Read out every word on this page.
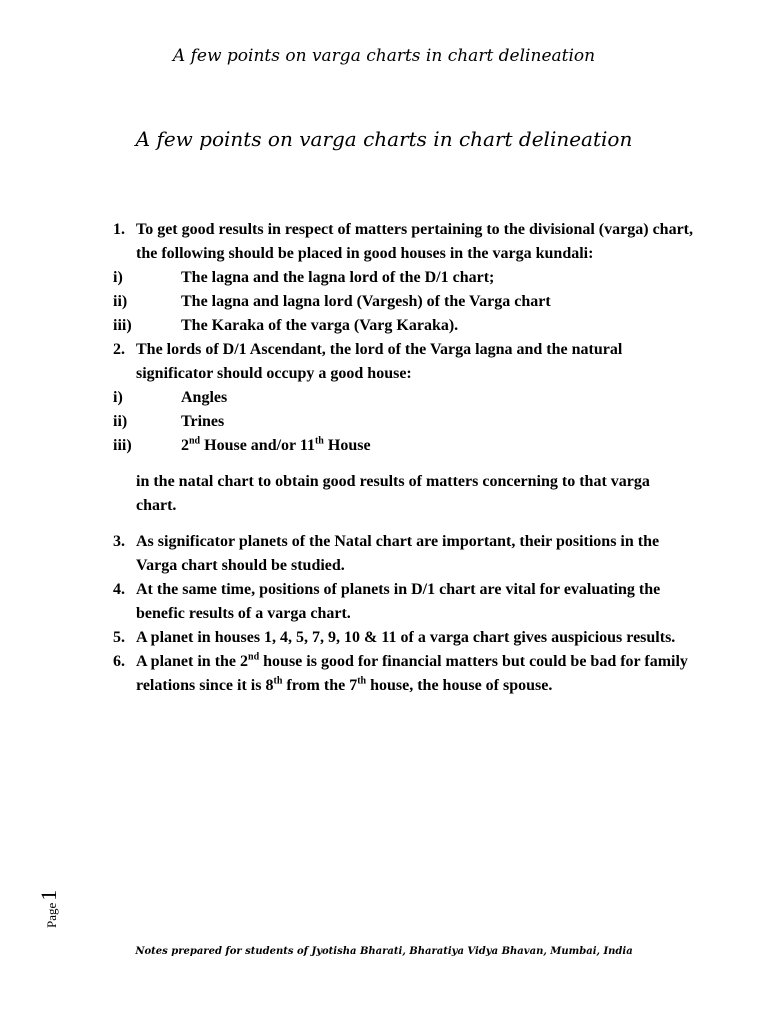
A few points on varga charts in chart delineation
A few points on varga charts in chart delineation
1. To get good results in respect of matters pertaining to the divisional (varga) chart, the following should be placed in good houses in the varga kundali:
i)	The lagna and the lagna lord of the D/1 chart;
ii)	The lagna and lagna lord (Vargesh) of the Varga chart
iii)	The Karaka of the varga (Varg Karaka).
2. The lords of D/1 Ascendant, the lord of the Varga lagna and the natural significator should occupy a good house:
i)	Angles
ii)	Trines
iii)	2nd House and/or 11th House
in the natal chart to obtain good results of matters concerning to that varga chart.
3. As significator planets of the Natal chart are important, their positions in the Varga chart should be studied.
4. At the same time, positions of planets in D/1 chart are vital for evaluating the benefic results of a varga chart.
5. A planet in houses 1, 4, 5, 7, 9, 10 & 11 of a varga chart gives auspicious results.
6. A planet in the 2nd house is good for financial matters but could be bad for family relations since it is 8th from the 7th house, the house of spouse.
Page1
Notes prepared for students of Jyotisha Bharati, Bharatiya Vidya Bhavan, Mumbai, India
